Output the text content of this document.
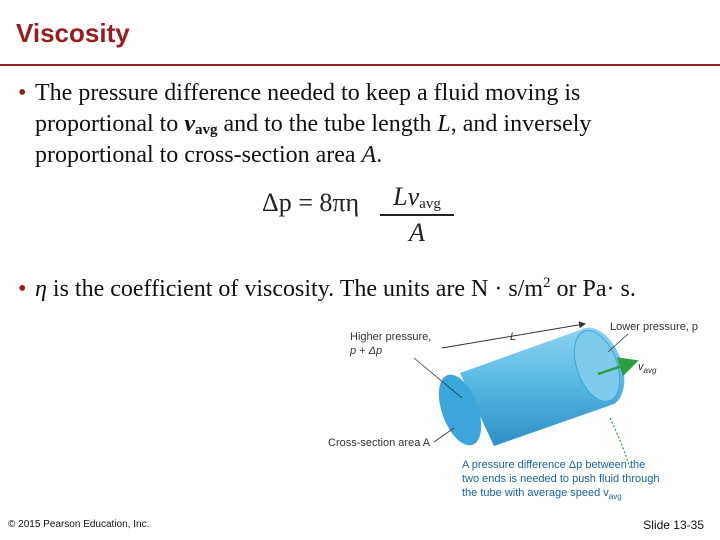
Viscosity
• The pressure difference needed to keep a fluid moving is proportional to $v_{avg}$ and to the tube length L, and inversely proportional to cross-section area A.
Δp = 8πη	$Lv_{avg}$
A
• η is the coefficient of viscosity. The units are $N \cdot s/m^2$ or Pa· s.
L
Higher pressure,
p + Δp
Lower pressure, p
$v_{avg}$
Cross-section area A
A pressure difference Δp between the
two ends is needed to push fluid through
the tube with average speed $v_{avg}$
© 2015 Pearson Education, Inc.	Slide 13-35
